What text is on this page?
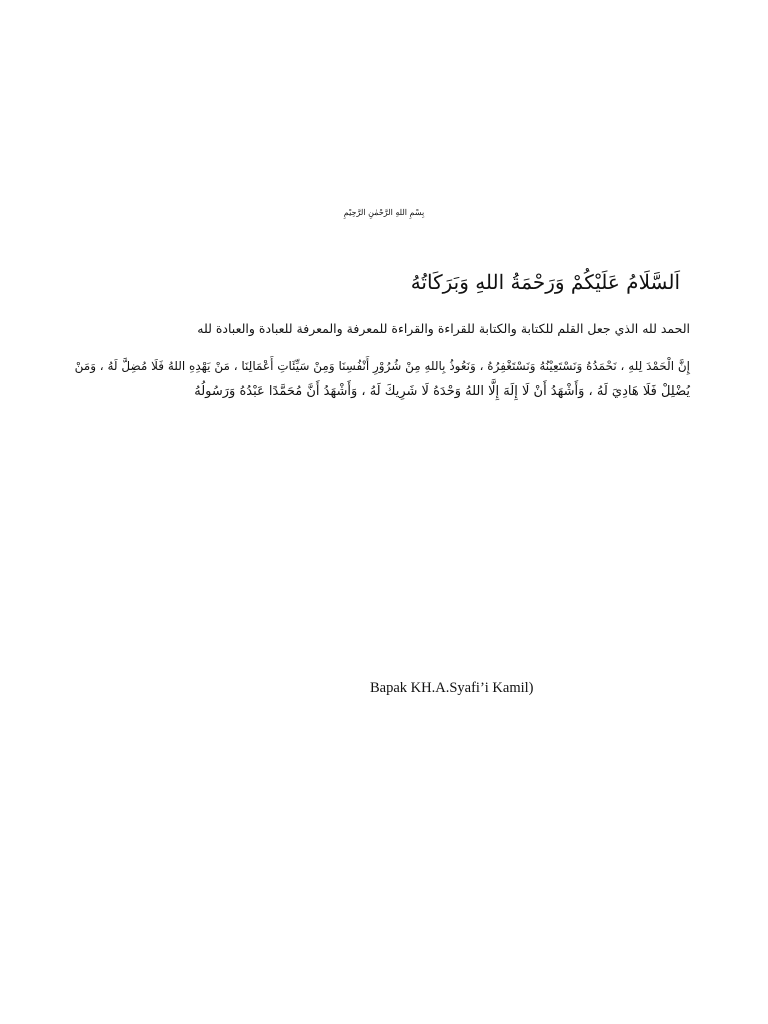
بِسْمِ اللهِ الرَّحْمٰنِ الرَّحِيْمِ
اَلسَّلَامُ عَلَيْكُمْ وَرَحْمَةُ اللهِ وَبَرَكَاتُهُ
الحمد لله الذي جعل القلم للكتابة والكتابة للقراءة والقراءة للمعرفة والمعرفة للعبادة والعبادة لله
إِنَّ الْحَمْدَ لِلهِ ، نَحْمَدُهُ وَنَسْتَعِيْنُهُ وَنَسْتَغْفِرُهُ ، وَنَعُوذُ بِاللهِ مِنْ شُرُوْرِ أَنْفُسِنَا وَمِنْ سَيِّئَاتِ أَعْمَالِنَا ، مَنْ يَهْدِهِ اللهُ فَلَا مُضِلَّ لَهُ ، وَمَنْ
يُضْلِلْ فَلَا هَادِيَ لَهُ ، وَأَشْهَدُ أَنْ لَا إِلَهَ إِلَّا اللهُ وَحْدَهُ لَا شَرِيكَ لَهُ ، وَأَشْهَدُ أَنَّ مُحَمَّدًا عَبْدُهُ وَرَسُولُهُ
Bapak KH.A.Syafi’i Kamil)
